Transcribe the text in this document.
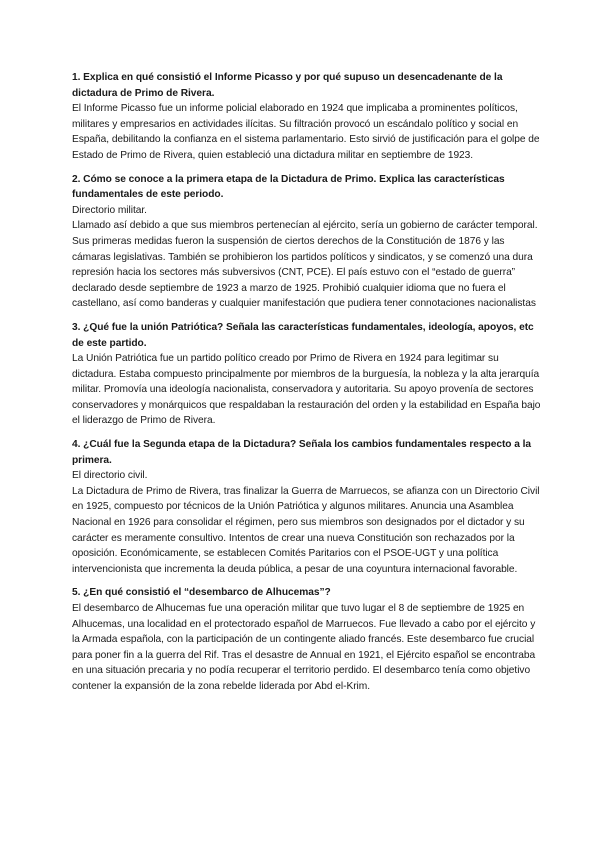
1. Explica en qué consistió el Informe Picasso y por qué supuso un desencadenante de la dictadura de Primo de Rivera.

El Informe Picasso fue un informe policial elaborado en 1924 que implicaba a prominentes políticos, militares y empresarios en actividades ilícitas. Su filtración provocó un escándalo político y social en España, debilitando la confianza en el sistema parlamentario. Esto sirvió de justificación para el golpe de Estado de Primo de Rivera, quien estableció una dictadura militar en septiembre de 1923.

2. Cómo se conoce a la primera etapa de la Dictadura de Primo. Explica las características fundamentales de este periodo.

Directorio militar.

Llamado así debido a que sus miembros pertenecían al ejército, sería un gobierno de carácter temporal. Sus primeras medidas fueron la suspensión de ciertos derechos de la Constitución de 1876 y las cámaras legislativas. También se prohibieron los partidos políticos y sindicatos, y se comenzó una dura represión hacia los sectores más subversivos (CNT, PCE). El país estuvo con el “estado de guerra” declarado desde septiembre de 1923 a marzo de 1925. Prohibió cualquier idioma que no fuera el castellano, así como banderas y cualquier manifestación que pudiera tener connotaciones nacionalistas

3. ¿Qué fue la unión Patriótica? Señala las características fundamentales, ideología, apoyos, etc de este partido.

La Unión Patriótica fue un partido político creado por Primo de Rivera en 1924 para legitimar su dictadura. Estaba compuesto principalmente por miembros de la burguesía, la nobleza y la alta jerarquía militar. Promovía una ideología nacionalista, conservadora y autoritaria. Su apoyo provenía de sectores conservadores y monárquicos que respaldaban la restauración del orden y la estabilidad en España bajo el liderazgo de Primo de Rivera.

4. ¿Cuál fue la Segunda etapa de la Dictadura? Señala los cambios fundamentales respecto a la primera.

El directorio civil.

La Dictadura de Primo de Rivera, tras finalizar la Guerra de Marruecos, se afianza con un Directorio Civil en 1925, compuesto por técnicos de la Unión Patriótica y algunos militares. Anuncia una Asamblea Nacional en 1926 para consolidar el régimen, pero sus miembros son designados por el dictador y su carácter es meramente consultivo. Intentos de crear una nueva Constitución son rechazados por la oposición. Económicamente, se establecen Comités Paritarios con el PSOE-UGT y una política intervencionista que incrementa la deuda pública, a pesar de una coyuntura internacional favorable.

5. ¿En qué consistió el “desembarco de Alhucemas”?

El desembarco de Alhucemas fue una operación militar que tuvo lugar el 8 de septiembre de 1925 en Alhucemas, una localidad en el protectorado español de Marruecos. Fue llevado a cabo por el ejército y la Armada española, con la participación de un contingente aliado francés. Este desembarco fue crucial para poner fin a la guerra del Rif. Tras el desastre de Annual en 1921, el Ejército español se encontraba en una situación precaria y no podía recuperar el territorio perdido. El desembarco tenía como objetivo contener la expansión de la zona rebelde liderada por Abd el-Krim.
